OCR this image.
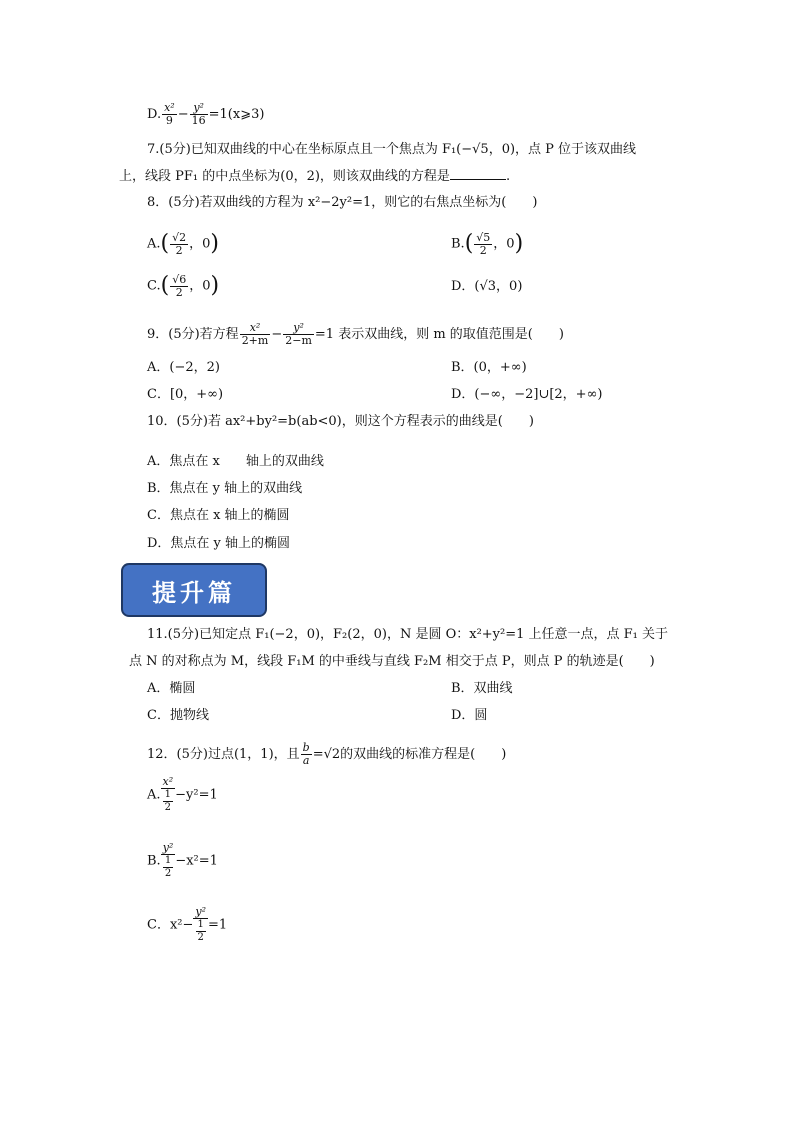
D. $\frac{\text{x²}}{9} - \frac{\text{y²}}{16}$ =1(x⩾3)
7.(5分)已知双曲线的中心在坐标原点且一个焦点为 F₁(−√5，0)，点 P 位于该双曲线
上，线段 PF₁ 的中点坐标为(0，2)，则该双曲线的方程是	.
8．(5分)若双曲线的方程为 x²−2y²=1，则它的右焦点坐标为(　　)
$A.( \frac{√2}{2}$ ，0)	$B.( \frac{√5}{2}$ ，0)
$C.( \frac{√6}{2}$ ，0)	D．(√3，0)
9．(5分)若方程 $\frac{\text{x²}}{2+m} - \frac{\text{y²}}{2-m} =1$ 表示双曲线，则 m 的取值范围是(　　)
A．(−2，2)	B．(0，+∞)
C．[0，+∞)	D．(−∞，−2]∪[2，+∞)
10．(5分)若 ax²+by²=b(ab<0)，则这个方程表示的曲线是(　　)
A．焦点在 x　　轴上的双曲线
B．焦点在 y 轴上的双曲线
C．焦点在 x 轴上的椭圆
D．焦点在 y 轴上的椭圆
提升篇
11.(5分)已知定点 F₁(−2，0)，F₂(2，0)，N 是圆 O：x²+y²=1 上任意一点，点 F₁ 关于
点 N 的对称点为 M，线段 F₁M 的中垂线与直线 F₂M 相交于点 P，则点 P 的轨迹是(　　)
A．椭圆	B．双曲线
C．抛物线	D．圆
12．(5分)过点(1，1)，且 $\frac{b}{a} =√2$的双曲线的标准方程是(　　)
A. $\frac{\text{x²}}{\frac{1}{2}} -y^2=1$
B. $\frac{\text{y²}}{\frac{1}{2}} -x^2=1$
C．$x^2- \frac{\text{y²}}{\frac{1}{2}} =1$
